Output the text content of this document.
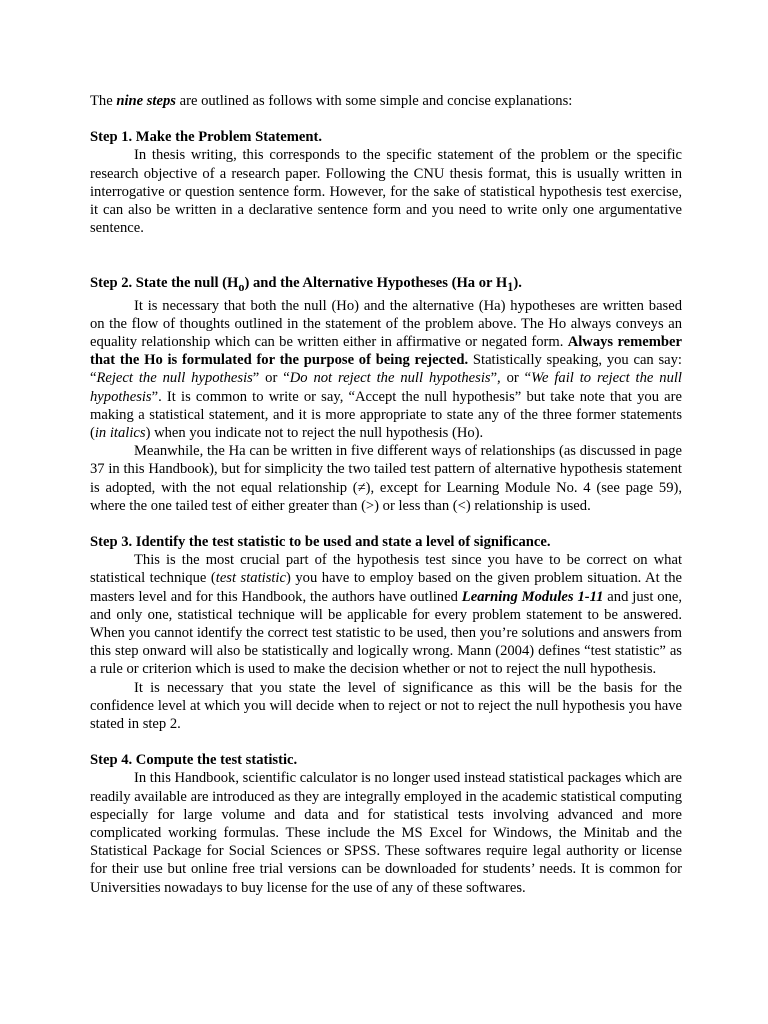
The nine steps are outlined as follows with some simple and concise explanations:

Step 1. Make the Problem Statement.

In thesis writing, this corresponds to the specific statement of the problem or the specific research objective of a research paper. Following the CNU thesis format, this is usually written in interrogative or question sentence form. However, for the sake of statistical hypothesis test exercise, it can also be written in a declarative sentence form and you need to write only one argumentative sentence.

Step 2. State the null $(H_o)$ and the Alternative Hypotheses (Ha or $H_1$).

It is necessary that both the null (Ho) and the alternative (Ha) hypotheses are written based on the flow of thoughts outlined in the statement of the problem above. The Ho always conveys an equality relationship which can be written either in affirmative or negated form. Always remember that the Ho is formulated for the purpose of being rejected. Statistically speaking, you can say: “Reject the null hypothesis” or “Do not reject the null hypothesis”, or “We fail to reject the null hypothesis”. It is common to write or say, “Accept the null hypothesis” but take note that you are making a statistical statement, and it is more appropriate to state any of the three former statements (in italics) when you indicate not to reject the null hypothesis (Ho).

Meanwhile, the Ha can be written in five different ways of relationships (as discussed in page 37 in this Handbook), but for simplicity the two tailed test pattern of alternative hypothesis statement is adopted, with the not equal relationship (≠), except for Learning Module No. 4 (see page 59), where the one tailed test of either greater than (>) or less than (<) relationship is used.

Step 3. Identify the test statistic to be used and state a level of significance.

This is the most crucial part of the hypothesis test since you have to be correct on what statistical technique (test statistic) you have to employ based on the given problem situation. At the masters level and for this Handbook, the authors have outlined Learning Modules 1-11 and just one, and only one, statistical technique will be applicable for every problem statement to be answered. When you cannot identify the correct test statistic to be used, then you’re solutions and answers from this step onward will also be statistically and logically wrong. Mann (2004) defines “test statistic” as a rule or criterion which is used to make the decision whether or not to reject the null hypothesis.

It is necessary that you state the level of significance as this will be the basis for the confidence level at which you will decide when to reject or not to reject the null hypothesis you have stated in step 2.

Step 4. Compute the test statistic.

In this Handbook, scientific calculator is no longer used instead statistical packages which are readily available are introduced as they are integrally employed in the academic statistical computing especially for large volume and data and for statistical tests involving advanced and more complicated working formulas. These include the MS Excel for Windows, the Minitab and the Statistical Package for Social Sciences or SPSS. These softwares require legal authority or license for their use but online free trial versions can be downloaded for students’ needs. It is common for Universities nowadays to buy license for the use of any of these softwares.
